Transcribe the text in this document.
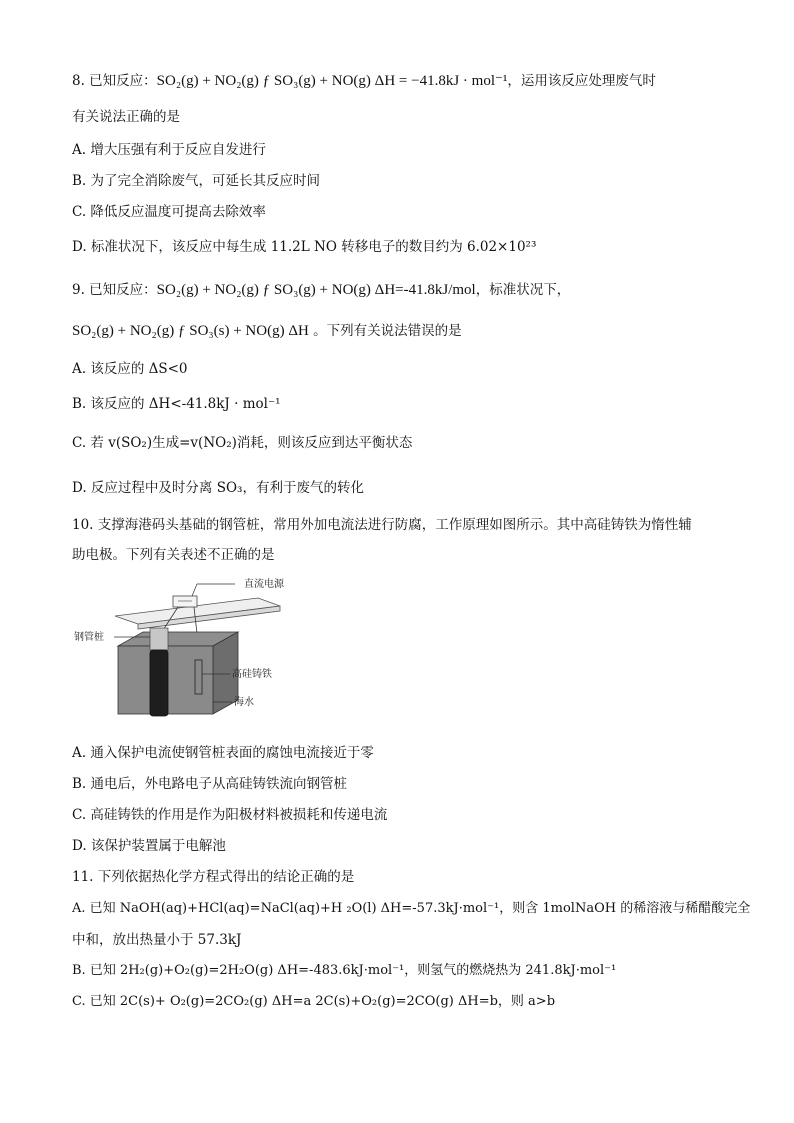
8. 已知反应：SO₂(g) + NO₂(g) ƒ SO₃(g) + NO(g) ΔH = −41.8kJ · mol⁻¹，运用该反应处理废气时
有关说法正确的是
A. 增大压强有利于反应自发进行
B. 为了完全消除废气，可延长其反应时间
C. 降低反应温度可提高去除效率
D. 标准状况下，该反应中每生成 11.2L NO 转移电子的数目约为 6.02×10²³
9. 已知反应：SO₂(g) + NO₂(g) ƒ SO₃(g) + NO(g) ΔH=-41.8kJ/mol，标准状况下，
SO₂(g) + NO₂(g) ƒ SO₃(s) + NO(g) ΔH 。下列有关说法错误的是
A. 该反应的 ΔS<0
B. 该反应的 ΔH<-41.8kJ · mol⁻¹
C. 若 v(SO₂)生成=v(NO₂)消耗，则该反应到达平衡状态
D. 反应过程中及时分离 SO₃，有利于废气的转化
10. 支撑海港码头基础的钢管桩，常用外加电流法进行防腐，工作原理如图所示。其中高硅铸铁为惰性辅
助电极。下列有关表述不正确的是
直流电源
钢管桩
高硅铸铁
海水
A. 通入保护电流使钢管桩表面的腐蚀电流接近于零
B. 通电后，外电路电子从高硅铸铁流向钢管桩
C. 高硅铸铁的作用是作为阳极材料被损耗和传递电流
D. 该保护装置属于电解池
11. 下列依据热化学方程式得出的结论正确的是
A. 已知 NaOH(aq)+HCl(aq)=NaCl(aq)+H ₂O(l) ΔH=-57.3kJ·mol⁻¹，则含 1molNaOH 的稀溶液与稀醋酸完全
中和，放出热量小于 57.3kJ
B. 已知 2H₂(g)+O₂(g)=2H₂O(g) ΔH=-483.6kJ·mol⁻¹，则氢气的燃烧热为 241.8kJ·mol⁻¹
C. 已知 2C(s)+ O₂(g)=2CO₂(g) ΔH=a 2C(s)+O₂(g)=2CO(g) ΔH=b，则 a>b
